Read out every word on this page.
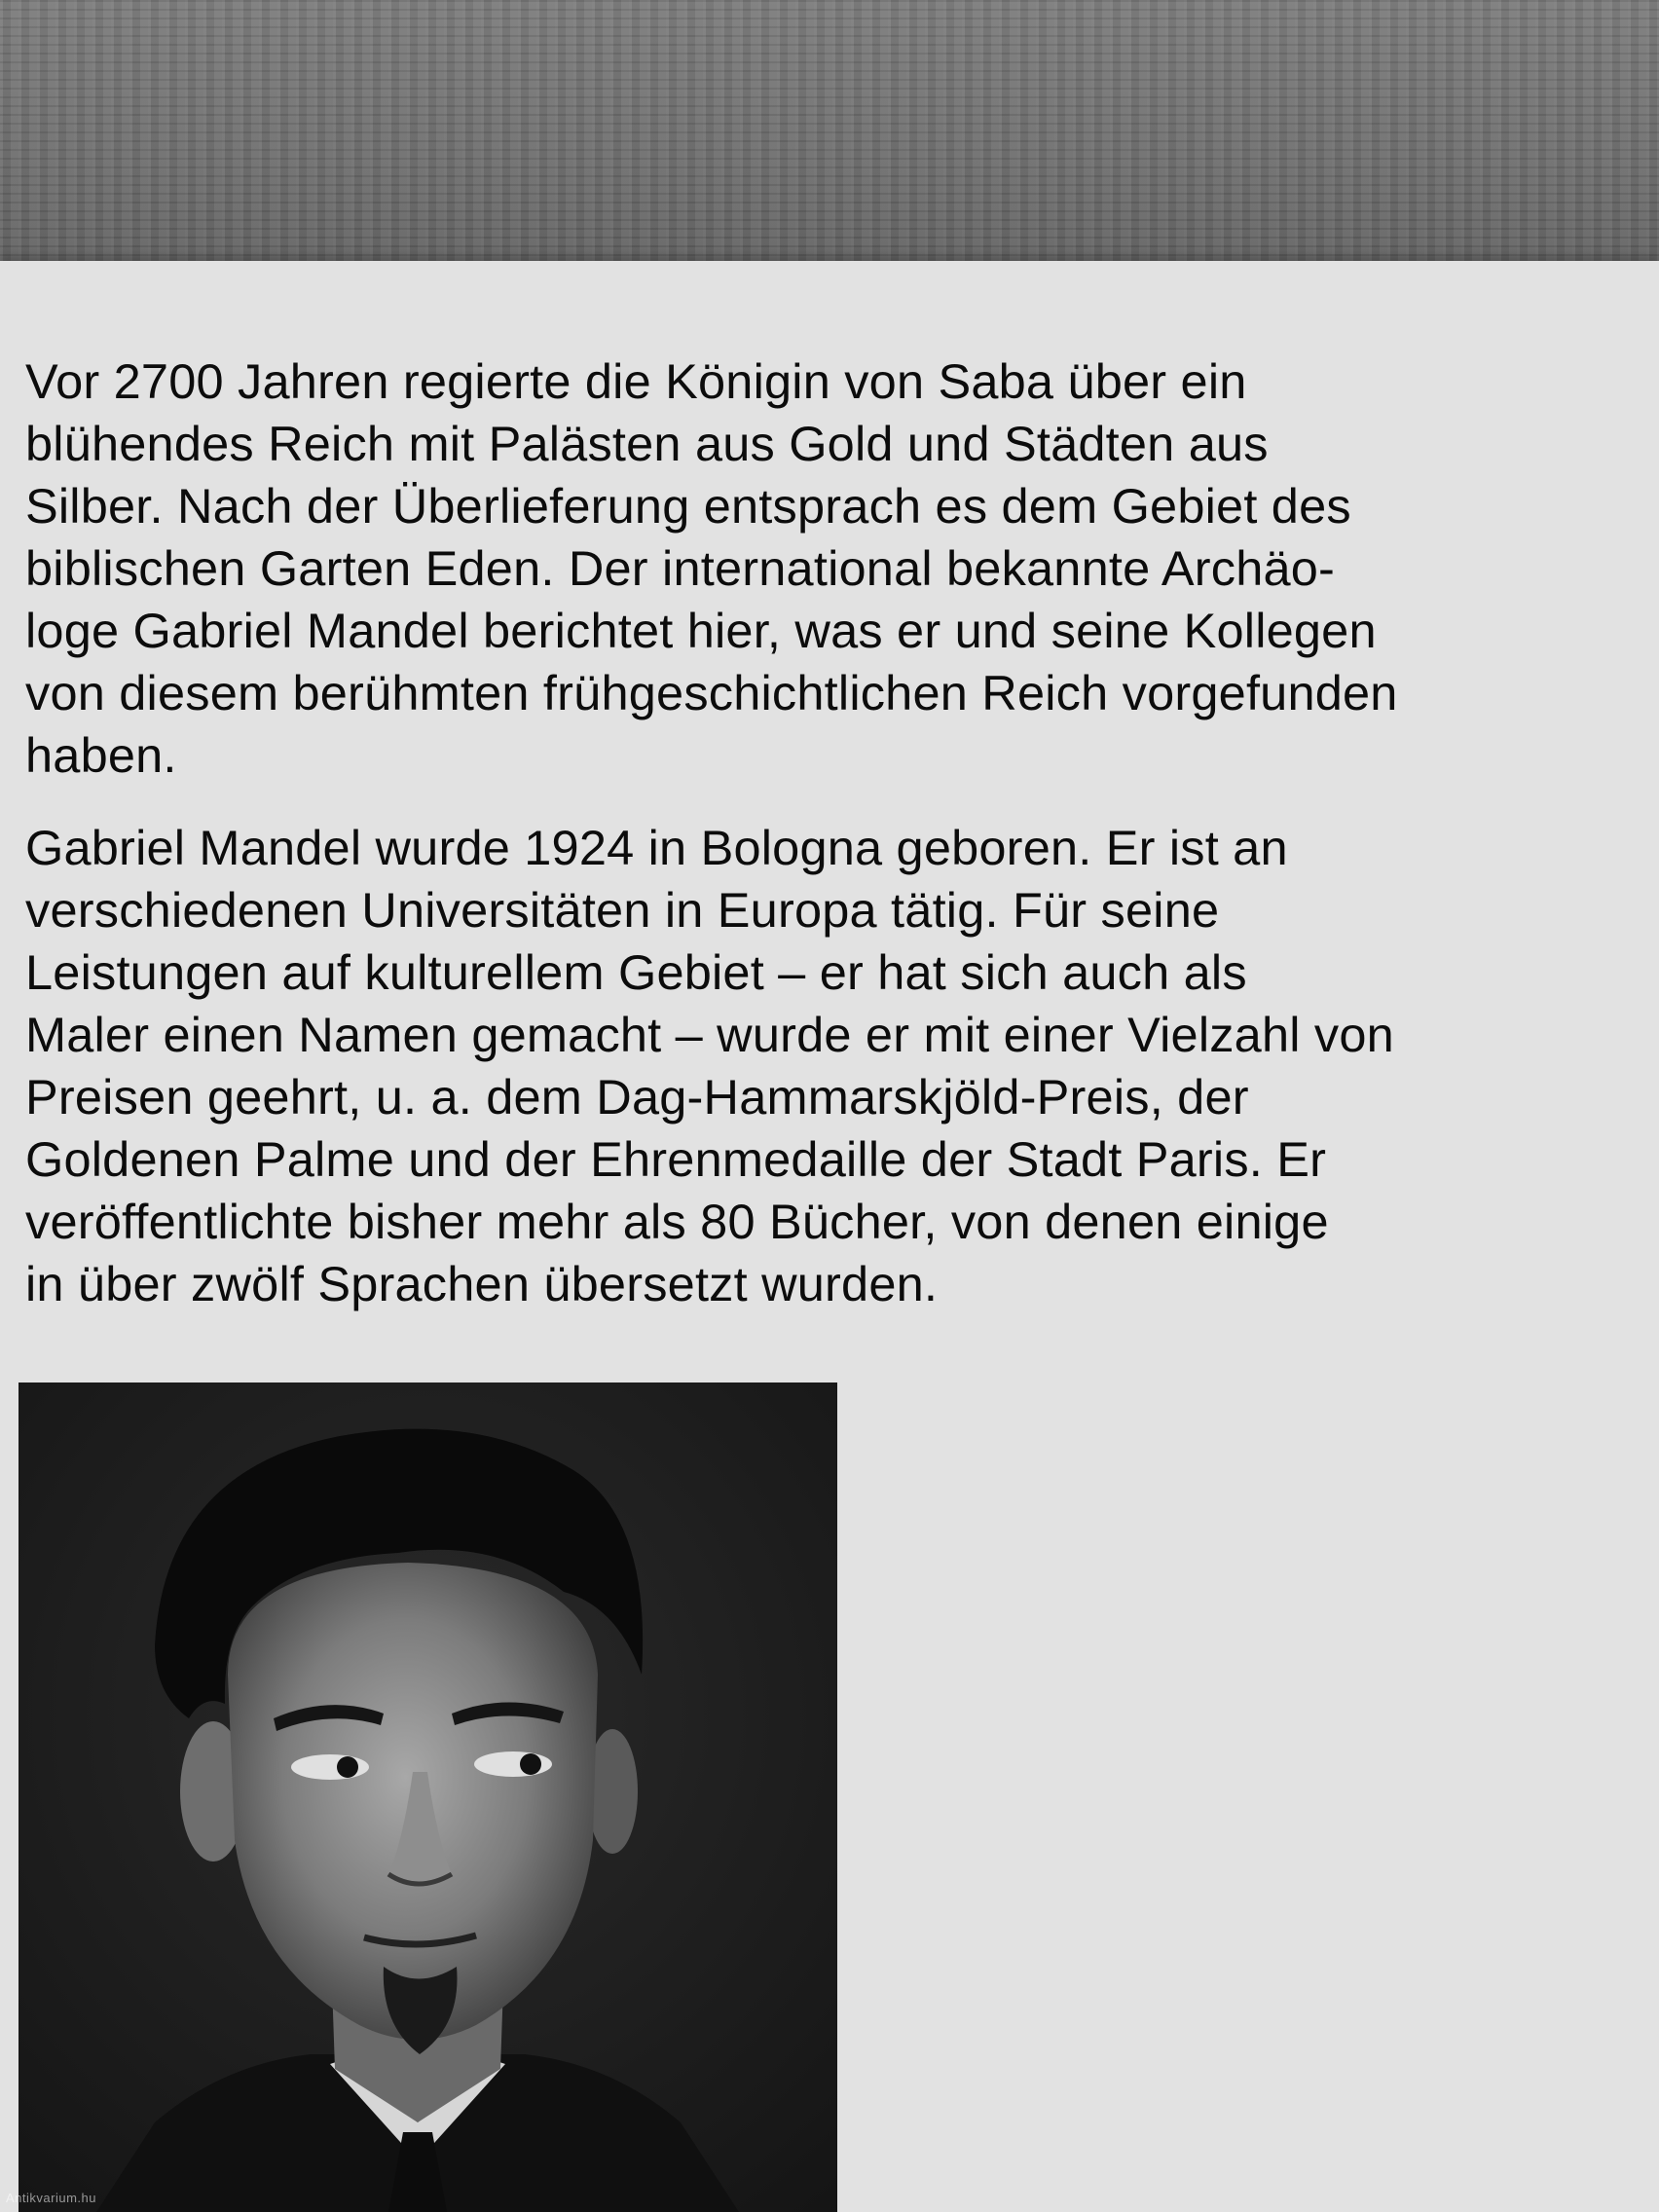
Vor 2700 Jahren regierte die Königin von Saba über ein
blühendes Reich mit Palästen aus Gold und Städten aus
Silber. Nach der Überlieferung entsprach es dem Gebiet des
biblischen Garten Eden. Der international bekannte Archäo-
loge Gabriel Mandel berichtet hier, was er und seine Kollegen
von diesem berühmten frühgeschichtlichen Reich vorgefunden
haben.

Gabriel Mandel wurde 1924 in Bologna geboren. Er ist an
verschiedenen Universitäten in Europa tätig. Für seine
Leistungen auf kulturellem Gebiet – er hat sich auch als
Maler einen Namen gemacht – wurde er mit einer Vielzahl von
Preisen geehrt, u. a. dem Dag-Hammarskjöld-Preis, der
Goldenen Palme und der Ehrenmedaille der Stadt Paris. Er
veröffentlichte bisher mehr als 80 Bücher, von denen einige
in über zwölf Sprachen übersetzt wurden.

Antikvarium.hu
